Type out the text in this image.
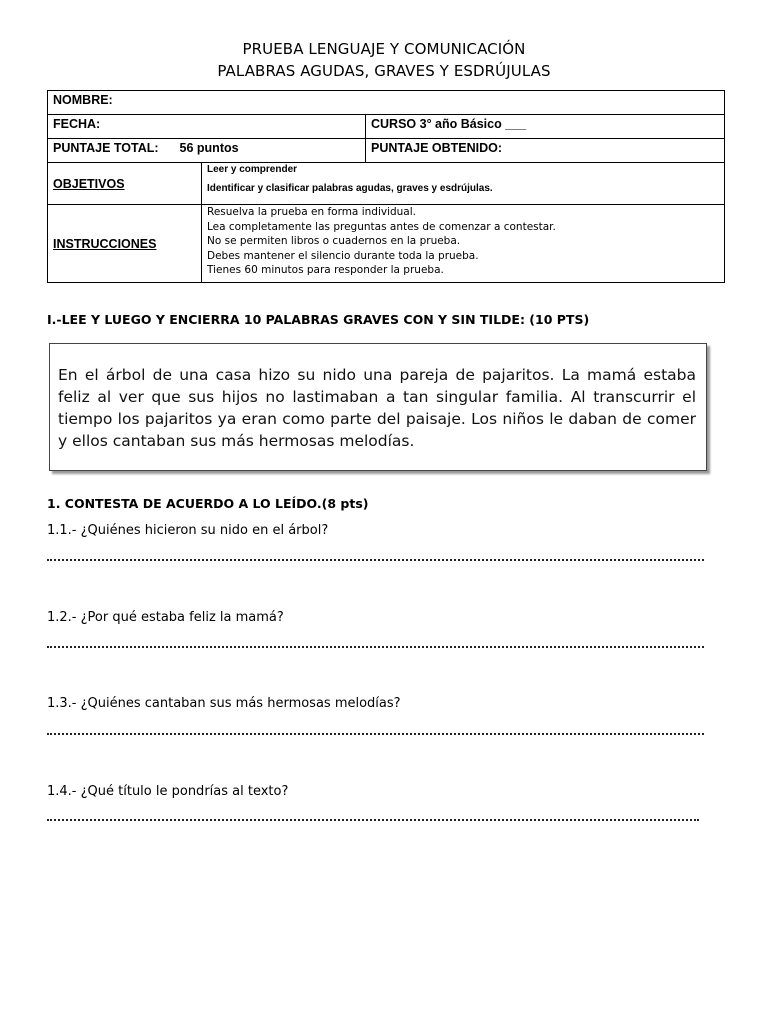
PRUEBA LENGUAJE Y COMUNICACIÓN
PALABRAS AGUDAS, GRAVES Y ESDRÚJULAS
NOMBRE:		
FECHA:		CURSO 3° año Básico ___
PUNTAJE TOTAL: 56 puntos		PUNTAJE OBTENIDO:
OBJETIVOS	Leer y comprender
Identificar y clasificar palabras agudas, graves y esdrújulas.	

INSTRUCCIONES	Resuelva la prueba en forma individual.
Lea completamente las preguntas antes de comenzar a contestar.
No se permiten libros o cuadernos en la prueba.
Debes mantener el silencio durante toda la prueba.
Tienes 60 minutos para responder la prueba.	
I.-LEE Y LUEGO Y ENCIERRA 10 PALABRAS GRAVES CON Y SIN TILDE: (10 PTS)
En el árbol de una casa hizo su nido una pareja de pajaritos. La mamá estaba feliz al ver que sus hijos no lastimaban a tan singular familia. Al transcurrir el tiempo los pajaritos ya eran como parte del paisaje. Los niños le daban de comer y ellos cantaban sus más hermosas melodías.
1. CONTESTA DE ACUERDO A LO LEÍDO.(8 pts)
1.1.- ¿Quiénes hicieron su nido en el árbol?
1.2.- ¿Por qué estaba feliz la mamá?
1.3.- ¿Quiénes cantaban sus más hermosas melodías?
1.4.- ¿Qué título le pondrías al texto?
